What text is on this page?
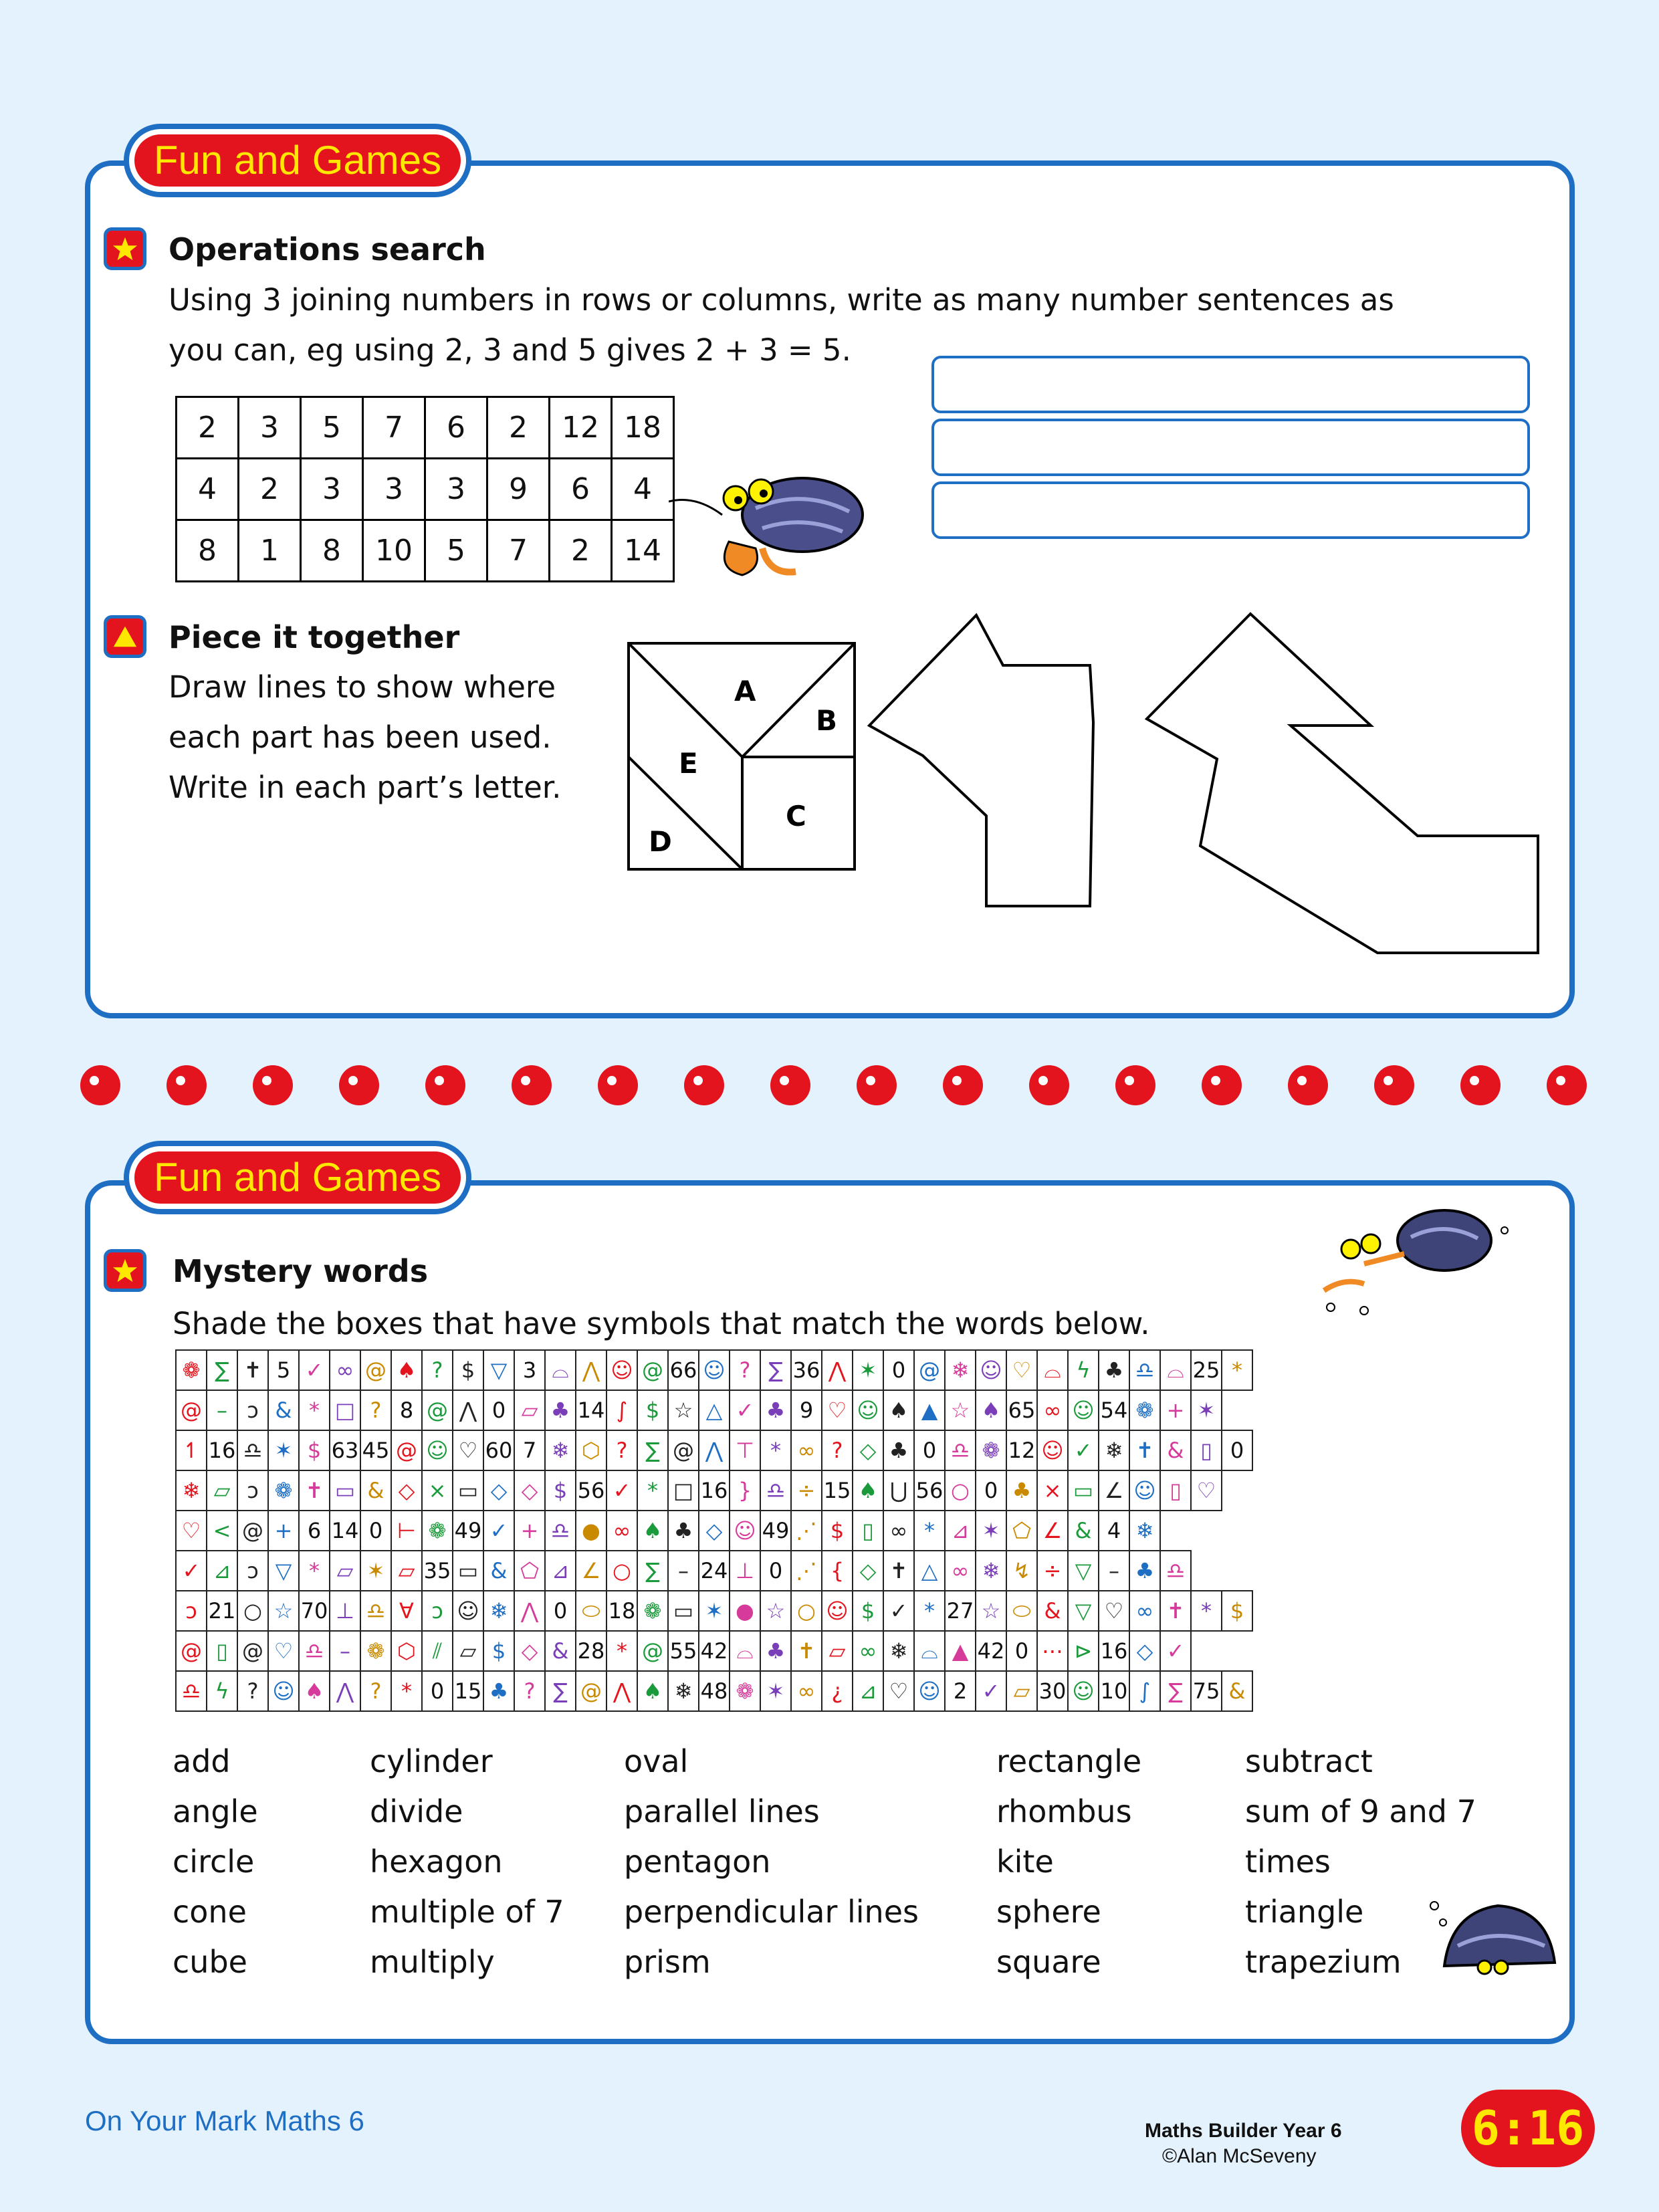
Fun and Games
Operations search
Using 3 joining numbers in rows or columns, write as many number sentences as
you can, eg using 2, 3 and 5 gives 2 + 3 = 5.
2	3	5	7	6	2	12	18
4	2	3	3	3	9	6	4
8	1	8	10	5	7	2	14
Piece it together
Draw lines to show where
each part has been used.
Write in each part’s letter.
A
B
C
D
E
Fun and Games
Mystery words
Shade the boxes that have symbols that match the words below.
❁	∑	✝	5	✓	∞	@	♠	?	$	▽	3	⌓	⋀	☺	@	66	☺	?	∑	36	⋀	✶	0	@	❄	☺	♡	⌓	ϟ	♣	♎	⌓	25	*
@	–	ↄ	&	*	□	?	8	@	⋀	0	▱	♣	14	∫	$	☆	△	✓	♣	9	♡	☺	♠	▲	☆	♠	65	∞	☺	54	❁	+	✶	
↿	16	♎	✶	$	63	45	@	☺	♡	60	7	❄	⬡	?	∑	@	⋀	⊤	*	∞	?	◇	♣	0	♎	❁	12	☺	✓	❄	✝	&	▯	0
❄	▱	ↄ	❁	✝	▭	&	◇	×	▭	◇	◇	$	56	✓	*	□	16	}	♎	÷	15	♠	⋃	56	○	0	♣	×	▭	∠	☺	▯	♡	
♡	<	@	+	6	14	0	⊢	❁	49	✓	+	♎	●	∞	♠	♣	◇	☺	49	⋰	$	▯	∞	*	⊿	✶	⬠	∠	&	4	❄			
✓	⊿	ↄ	▽	*	▱	✶	▱	35	▭	&	⬠	⊿	∠	○	∑	–	24	⊥	0	⋰	{	◇	✝	△	∞	❄	↯	÷	▽	–	♣	♎		
ↄ	21	○	☆	70	⊥	♎	∀	ↄ	☺	❄	⋀	0	⬭	18	❁	▭	✶	●	☆	○	☺	$	✓	*	27	☆	⬭	&	▽	♡	∞	✝	*	$
@	▯	@	♡	♎	–	❁	⬡	⫽	▱	$	◇	&	28	*	@	55	42	⌓	♣	✝	▱	∞	❄	⌓	▲	42	0	⋯	⊳	16	◇	✓		
♎	ϟ	?	☺	♠	⋀	?	*	0	15	♣	?	∑	@	⋀	♠	❄	48	❁	✶	∞	¿	⊿	♡	☺	2	✓	▱	30	☺	10	∫	∑	75	&
add
angle
circle
cone
cube
cylinder
divide
hexagon
multiple of 7
multiply
oval
parallel lines
pentagon
perpendicular lines
prism
rectangle
rhombus
kite
sphere
square
subtract
sum of 9 and 7
times
triangle
trapezium
On Your Mark Maths 6	Maths Builder Year 6
©Alan McSeveny
6:16
